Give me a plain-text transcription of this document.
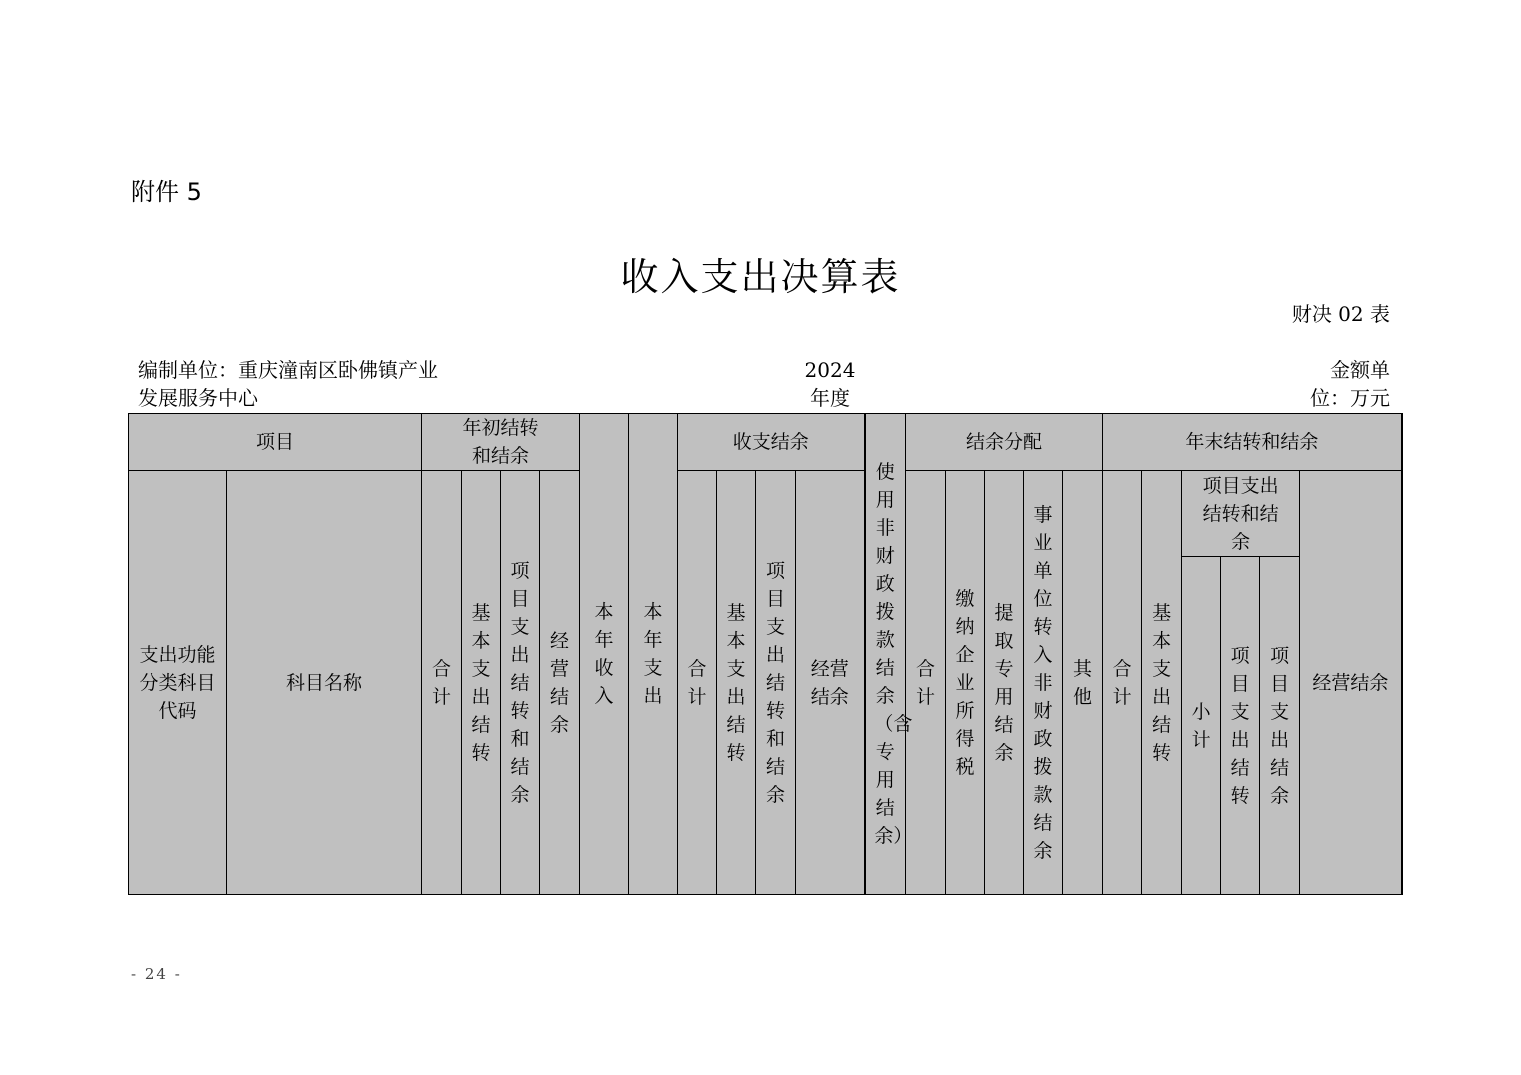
附件 5
收入支出决算表
财决 02 表
编制单位：重庆潼南区卧佛镇产业发展服务中心
2024 年度
金额单位：万元
项目		年初结转和结余				本年收入	本年支出	收支结余				使用非财政拨款结余（含专用结余）	结余分配					年末结转和结余					
支出功能分类科目代码	科目名称	合计	基本支出结转	项目支出结转和结余	经营结余			合计	基本支出结转	项目支出结转和结余	经营结余		合计	缴纳企业所得税	提取专用结余	事业单位转入非财政拨款结余	其他	合计	基本支出结转	项目支出结转和结余			经营结余
																				小计	项目支出结转	项目支出结余	
- 24 -
